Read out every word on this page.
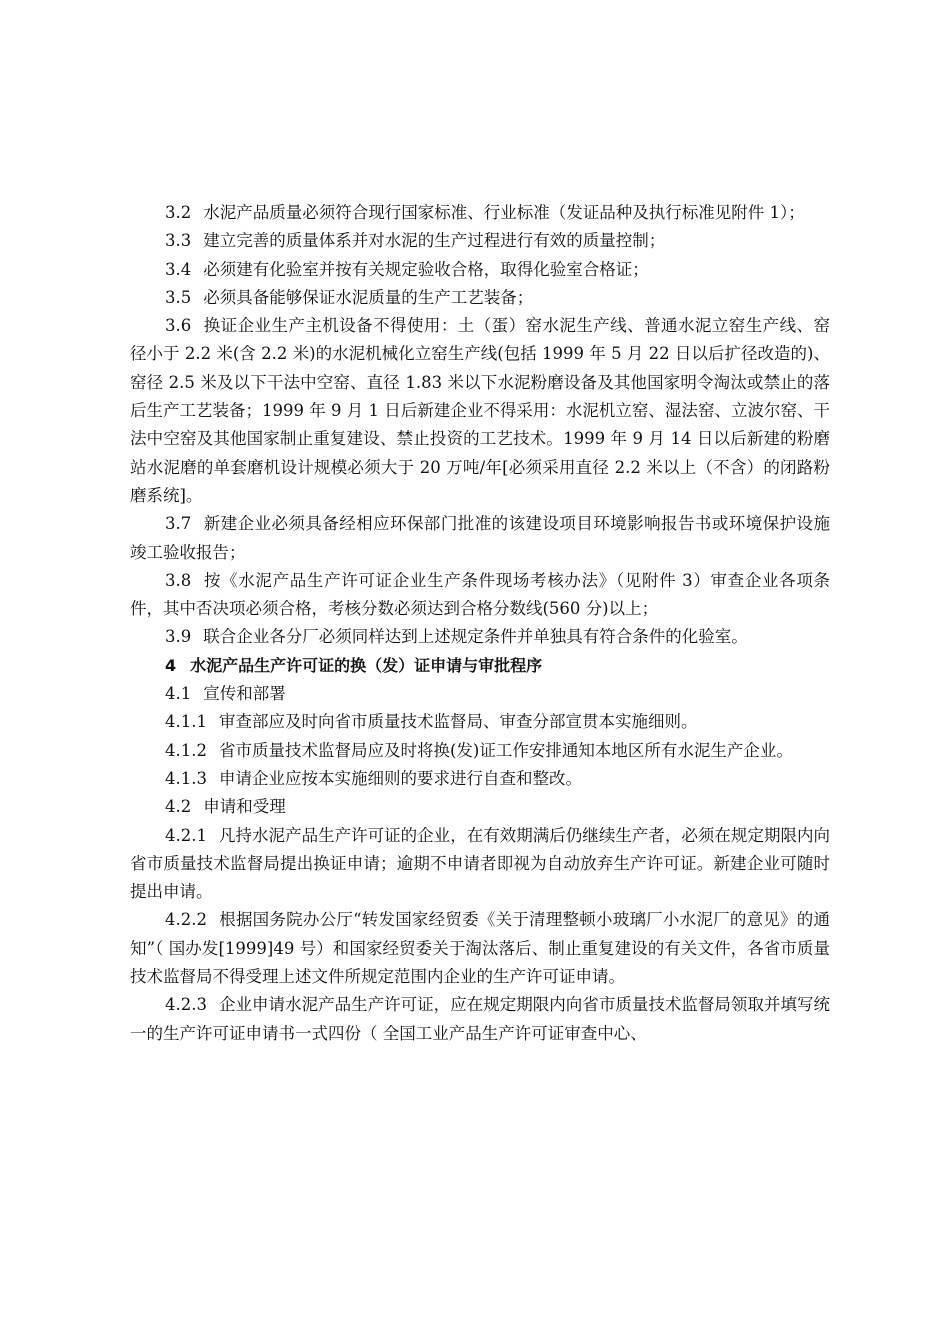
3.2 水泥产品质量必须符合现行国家标准、行业标准（发证品种及执行标准见附件 1）；

3.3 建立完善的质量体系并对水泥的生产过程进行有效的质量控制；

3.4 必须建有化验室并按有关规定验收合格，取得化验室合格证；

3.5 必须具备能够保证水泥质量的生产工艺装备；

3.6 换证企业生产主机设备不得使用：土（蛋）窑水泥生产线、普通水泥立窑生产线、窑径小于 2.2 米(含 2.2 米)的水泥机械化立窑生产线(包括 1999 年 5 月 22 日以后扩径改造的)、窑径 2.5 米及以下干法中空窑、直径 1.83 米以下水泥粉磨设备及其他国家明令淘汰或禁止的落后生产工艺装备；1999 年 9 月 1 日后新建企业不得采用：水泥机立窑、湿法窑、立波尔窑、干法中空窑及其他国家制止重复建设、禁止投资的工艺技术。1999 年 9 月 14 日以后新建的粉磨站水泥磨的单套磨机设计规模必须大于 20 万吨/年[必须采用直径 2.2 米以上（不含）的闭路粉磨系统]。

3.7 新建企业必须具备经相应环保部门批准的该建设项目环境影响报告书或环境保护设施竣工验收报告；

3.8 按《水泥产品生产许可证企业生产条件现场考核办法》（见附件 3）审查企业各项条件，其中否决项必须合格，考核分数必须达到合格分数线(560 分)以上；

3.9 联合企业各分厂必须同样达到上述规定条件并单独具有符合条件的化验室。

4 水泥产品生产许可证的换（发）证申请与审批程序

4.1 宣传和部署

4.1.1 审查部应及时向省市质量技术监督局、审查分部宣贯本实施细则。

4.1.2 省市质量技术监督局应及时将换(发)证工作安排通知本地区所有水泥生产企业。

4.1.3 申请企业应按本实施细则的要求进行自查和整改。

4.2 申请和受理

4.2.1 凡持水泥产品生产许可证的企业，在有效期满后仍继续生产者，必须在规定期限内向省市质量技术监督局提出换证申请；逾期不申请者即视为自动放弃生产许可证。新建企业可随时提出申请。

4.2.2 根据国务院办公厅“转发国家经贸委《关于清理整顿小玻璃厂小水泥厂的意见》的通知”（ 国办发[1999]49 号）和国家经贸委关于淘汰落后、制止重复建设的有关文件，各省市质量技术监督局不得受理上述文件所规定范围内企业的生产许可证申请。

4.2.3 企业申请水泥产品生产许可证，应在规定期限内向省市质量技术监督局领取并填写统一的生产许可证申请书一式四份（ 全国工业产品生产许可证审查中心、
